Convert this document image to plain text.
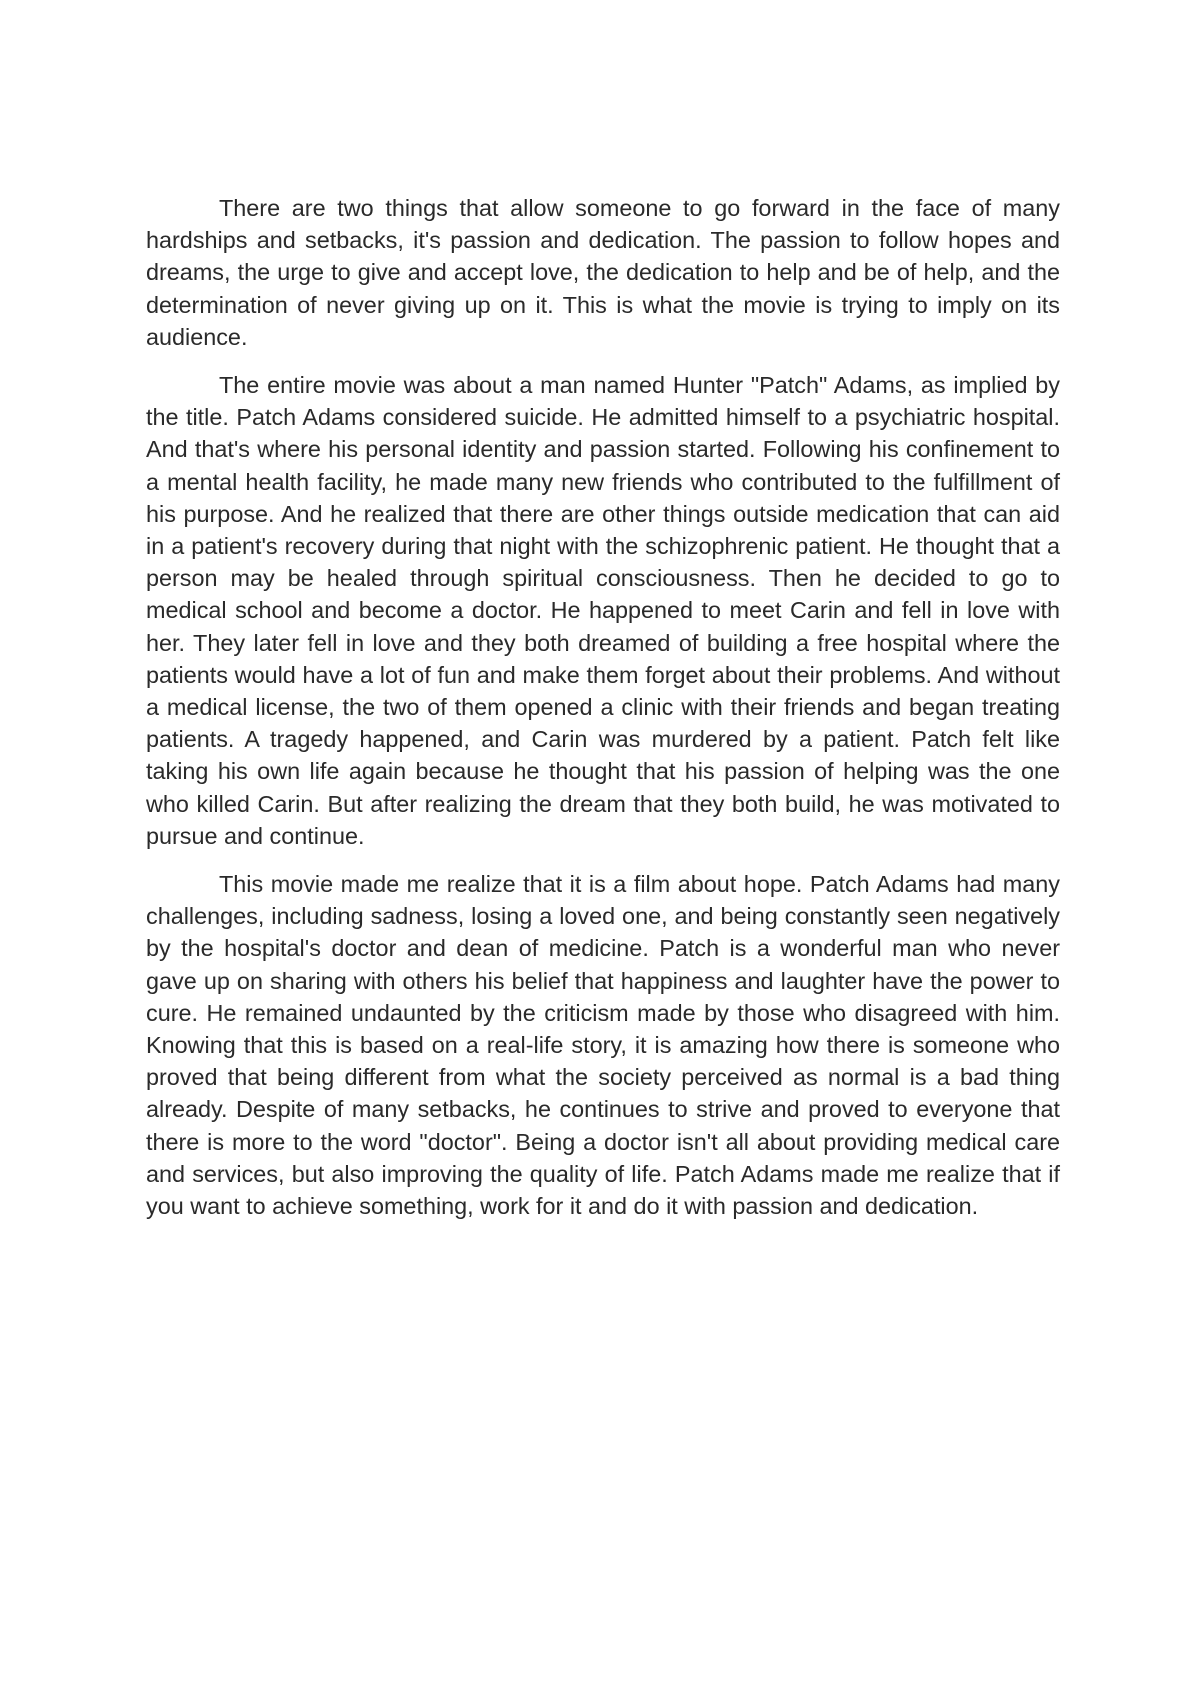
There are two things that allow someone to go forward in the face of many hardships and setbacks, it's passion and dedication. The passion to follow hopes and dreams, the urge to give and accept love, the dedication to help and be of help, and the determination of never giving up on it. This is what the movie is trying to imply on its audience.

The entire movie was about a man named Hunter "Patch" Adams, as implied by the title. Patch Adams considered suicide. He admitted himself to a psychiatric hospital. And that's where his personal identity and passion started. Following his confinement to a mental health facility, he made many new friends who contributed to the fulfillment of his purpose. And he realized that there are other things outside medication that can aid in a patient's recovery during that night with the schizophrenic patient. He thought that a person may be healed through spiritual consciousness. Then he decided to go to medical school and become a doctor. He happened to meet Carin and fell in love with her. They later fell in love and they both dreamed of building a free hospital where the patients would have a lot of fun and make them forget about their problems. And without a medical license, the two of them opened a clinic with their friends and began treating patients. A tragedy happened, and Carin was murdered by a patient. Patch felt like taking his own life again because he thought that his passion of helping was the one who killed Carin. But after realizing the dream that they both build, he was motivated to pursue and continue.

This movie made me realize that it is a film about hope. Patch Adams had many challenges, including sadness, losing a loved one, and being constantly seen negatively by the hospital's doctor and dean of medicine. Patch is a wonderful man who never gave up on sharing with others his belief that happiness and laughter have the power to cure. He remained undaunted by the criticism made by those who disagreed with him. Knowing that this is based on a real-life story, it is amazing how there is someone who proved that being different from what the society perceived as normal is a bad thing already. Despite of many setbacks, he continues to strive and proved to everyone that there is more to the word "doctor". Being a doctor isn't all about providing medical care and services, but also improving the quality of life. Patch Adams made me realize that if you want to achieve something, work for it and do it with passion and dedication.
